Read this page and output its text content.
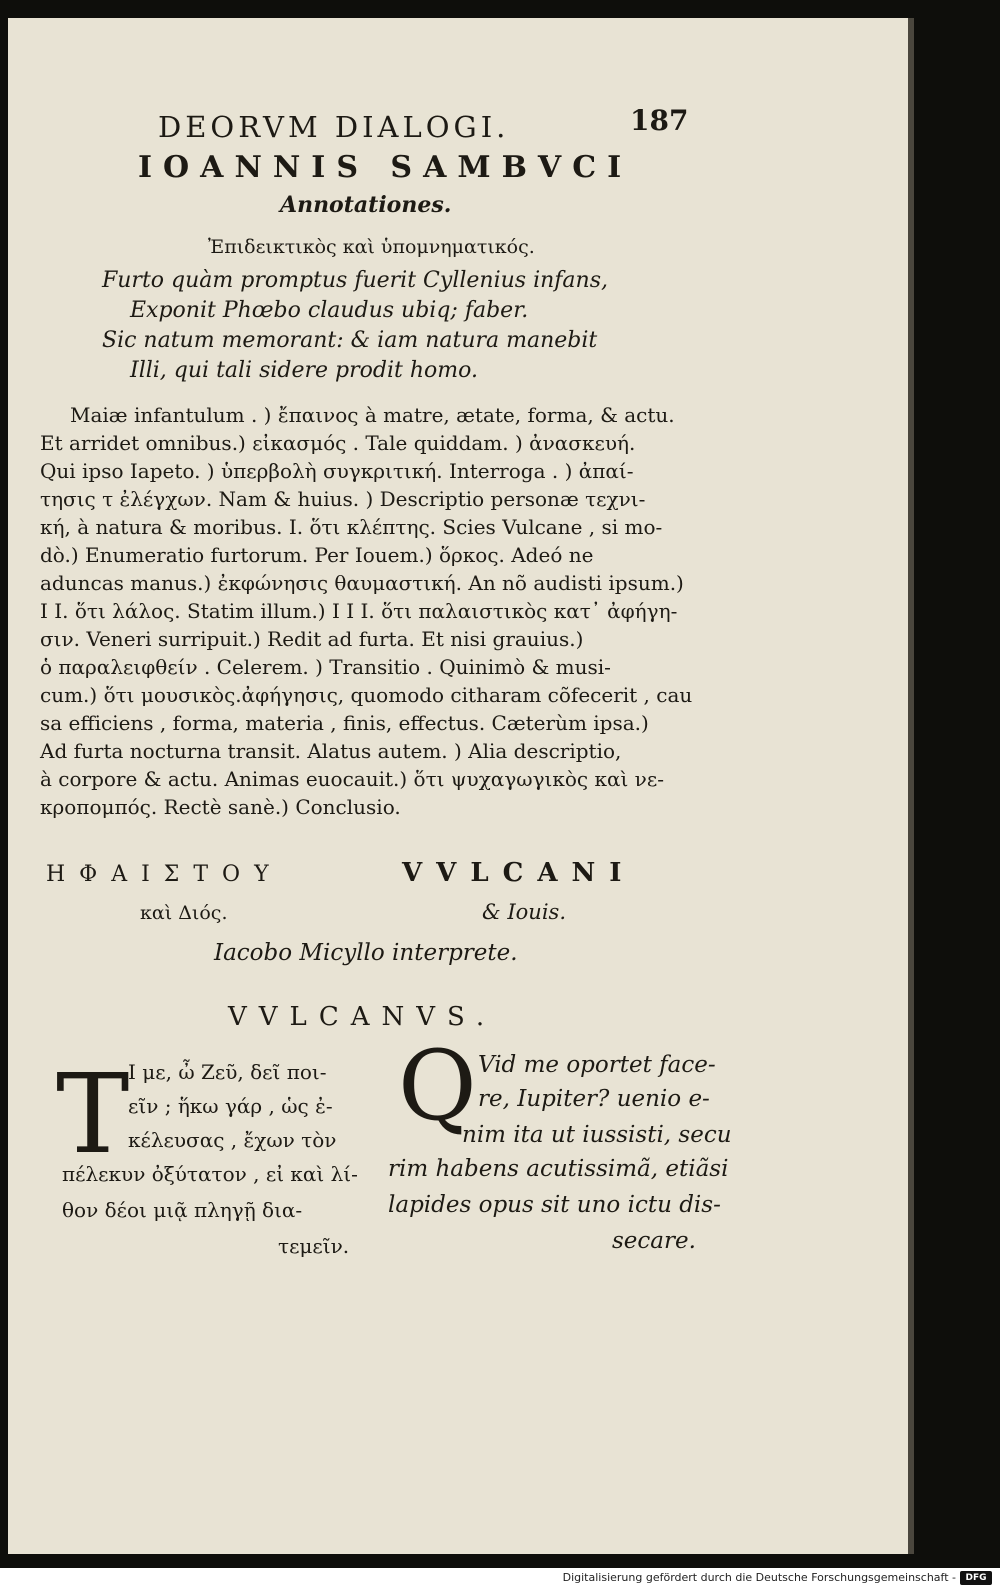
DEORVM DIALOGI.	187
IOANNIS SAMBVCI
Annotationes.
Ἐπιδεικτικὸς καὶ ὑπομνηματικός.
Furto quàm promptus fuerit Cyllenius infans,
Exponit Phœbo claudus ubiq; faber.
Sic natum memorant: & iam natura manebit
Illi, qui tali sidere prodit homo.
Maiæ infantulum . ) ἔπαινος à matre, ætate, forma, & actu.
Et arridet omnibus.) εἰκασμός . Tale quiddam. ) ἀνασκευή.
Qui ipso Iapeto. ) ὑπερβολὴ συγκριτική. Interroga . ) ἀπαί-
τησις τ ἐλέγχων. Nam & huius. ) Descriptio personæ τεχνι-
κή, à natura & moribus. I. ὅτι κλέπτης. Scies Vulcane , si mo-
dò.) Enumeratio furtorum. Per Iouem.) ὅρκος. Adeó ne
aduncas manus.) ἐκφώνησις θαυμαστική. An nõ audisti ipsum.)
I I. ὅτι λάλος. Statim illum.) I I I. ὅτι παλαιστικὸς κατ᾽ ἀφήγη-
σιν. Veneri surripuit.) Redit ad furta. Et nisi grauius.)
ὁ παραλειφθείν . Celerem. ) Transitio . Quinimò & musi-
cum.) ὅτι μουσικὸς.ἀφήγησις, quomodo citharam cõfecerit , cau
sa efficiens , forma, materia , finis, effectus. Cæterùm ipsa.)
Ad furta nocturna transit. Alatus autem. ) Alia descriptio,
à corpore & actu. Animas euocauit.) ὅτι ψυχαγωγικὸς καὶ νε-
κροπομπός. Rectè sanè.) Conclusio.
ΗΦΑΙΣΤΟΥ
καὶ Διός.
VVLCANI
& Iouis.
Iacobo Micyllo interprete.
VVLCANVS.
T
Ι με, ὦ Ζεῦ, δεῖ ποι-
εῖν ; ἥκω γάρ , ὡς ἐ-
κέλευσας , ἔχων τὸν
πέλεκυν ὀξύτατον , εἰ καὶ λί-
θον δέοι μιᾷ πληγῇ δια-
τεμεῖν.
Q Vid me oportet face-
re, Iupiter? uenio e-
nim ita ut iussisti, secu
rim habens acutissimã, etiãsi
lapides opus sit uno ictu dis-
secare.
Digitalisierung gefördert durch die Deutsche Forschungsgemeinschaft -	DFG
